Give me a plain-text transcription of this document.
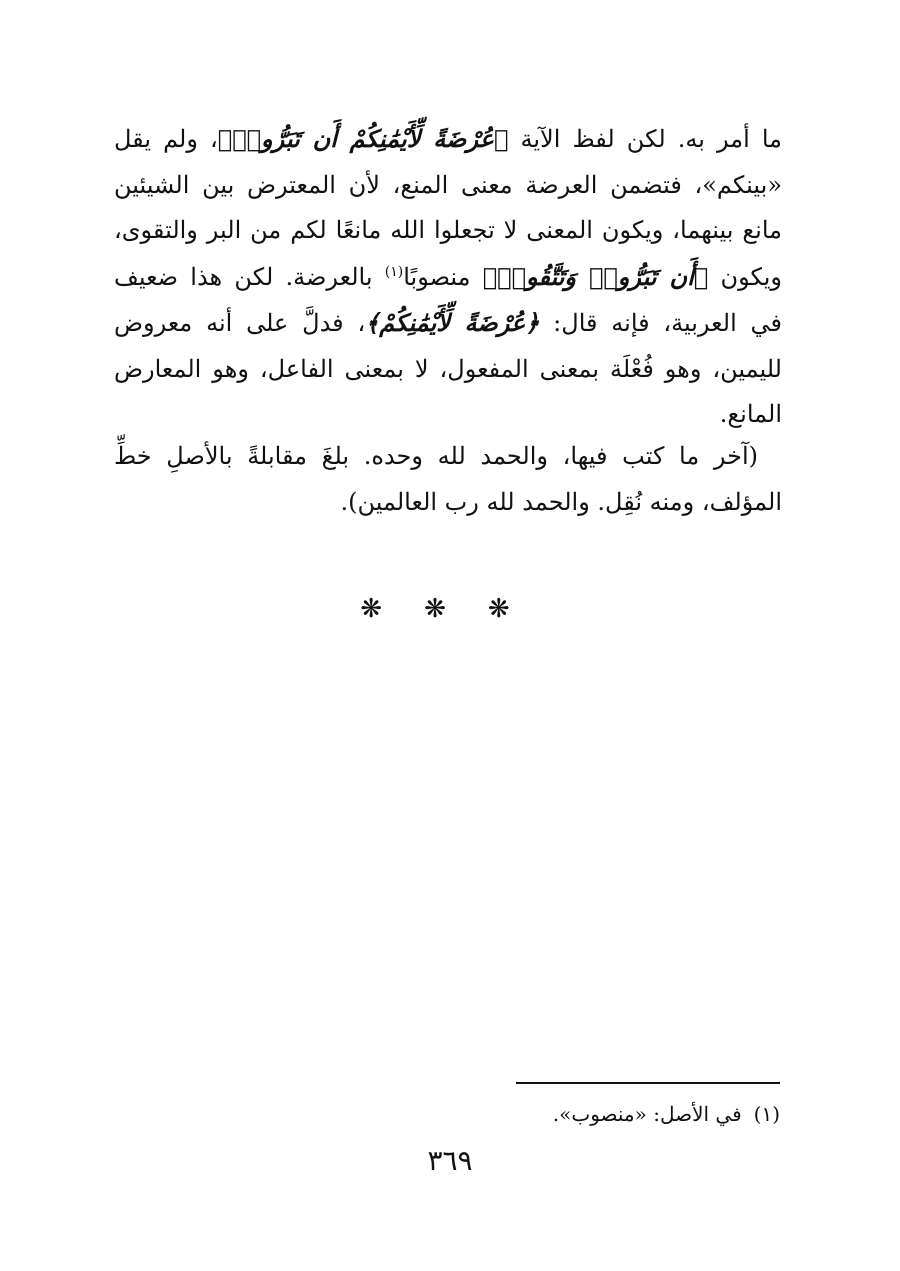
ما أمر به. لكن لفظ الآية ﴿عُرْضَةً لِّأَيْمَٰنِكُمْ أَن تَبَرُّوا۟﴾، ولم يقل «بينكم»، فتضمن العرضة معنى المنع، لأن المعترض بين الشيئين مانع بينهما، ويكون المعنى لا تجعلوا الله مانعًا لكم من البر والتقوى، ويكون ﴿أَن تَبَرُّوا۟ وَتَتَّقُوا۟﴾ منصوبًا$^{(١)}$ بالعرضة. لكن هذا ضعيف في العربية، فإنه قال: ﴿عُرْضَةً لِّأَيْمَٰنِكُمْ﴾، فدلَّ على أنه معروض لليمين، وهو فُعْلَة بمعنى المفعول، لا بمعنى الفاعل، وهو المعارض المانع.

(آخر ما كتب فيها، والحمد لله وحده. بلغَ مقابلةً بالأصلِ خطِّ المؤلف، ومنه نُقِل. والحمد لله رب العالمين).

❋ ❋ ❋
(١)في الأصل: «منصوب».
٣٦٩
